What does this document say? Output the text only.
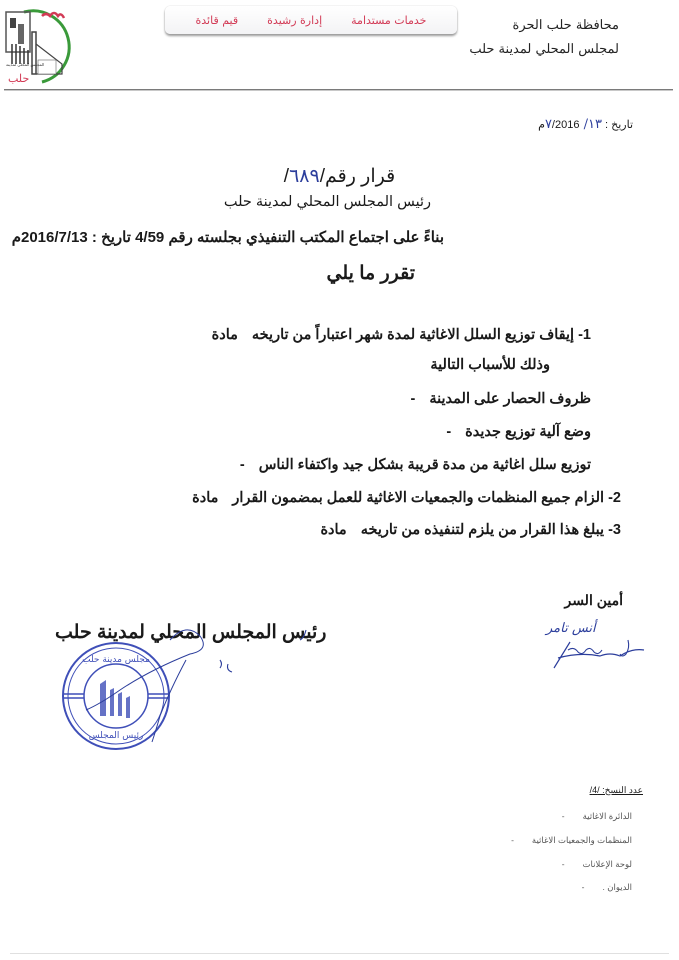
المجلس المحلي لمدينة
حلب
قيم قائدة	إدارة رشيدة	خدمات مستدامة	محافظة حلب الحرة
لمجلس المحلي لمدينة حلب
تاريخ : ١٣/ ٧/2016م
قرار رقم/٦٨٩/
رئيس المجلس المحلي لمدينة حلب
بناءً على اجتماع المكتب التنفيذي بجلسته رقم 4/59 تاريخ : 2016/7/13م
تقرر ما يلي
مادة 1- إيقاف توزيع السلل الاغاثية لمدة شهر اعتباراً من تاريخه
وذلك للأسباب التالية
- ظروف الحصار على المدينة
- وضع آلية توزيع جديدة
- توزيع سلل اغاثية من مدة قريبة بشكل جيد واكتفاء الناس
مادة 2- الزام جميع المنظمات والجمعيات الاغاثية للعمل بمضمون القرار
مادة 3- يبلغ هذا القرار من يلزم لتنفيذه من تاريخه
أمين السر
أنس تامر
رئيس المجلس المحلي لمدينة حلب
مجلس مدينة حلب
رئيس المجلس
عدد النسخ: /4/
- الدائرة الاغاثية
- المنظمات والجمعيات الاغاثية
- لوحة الإعلانات
- الديوان .
